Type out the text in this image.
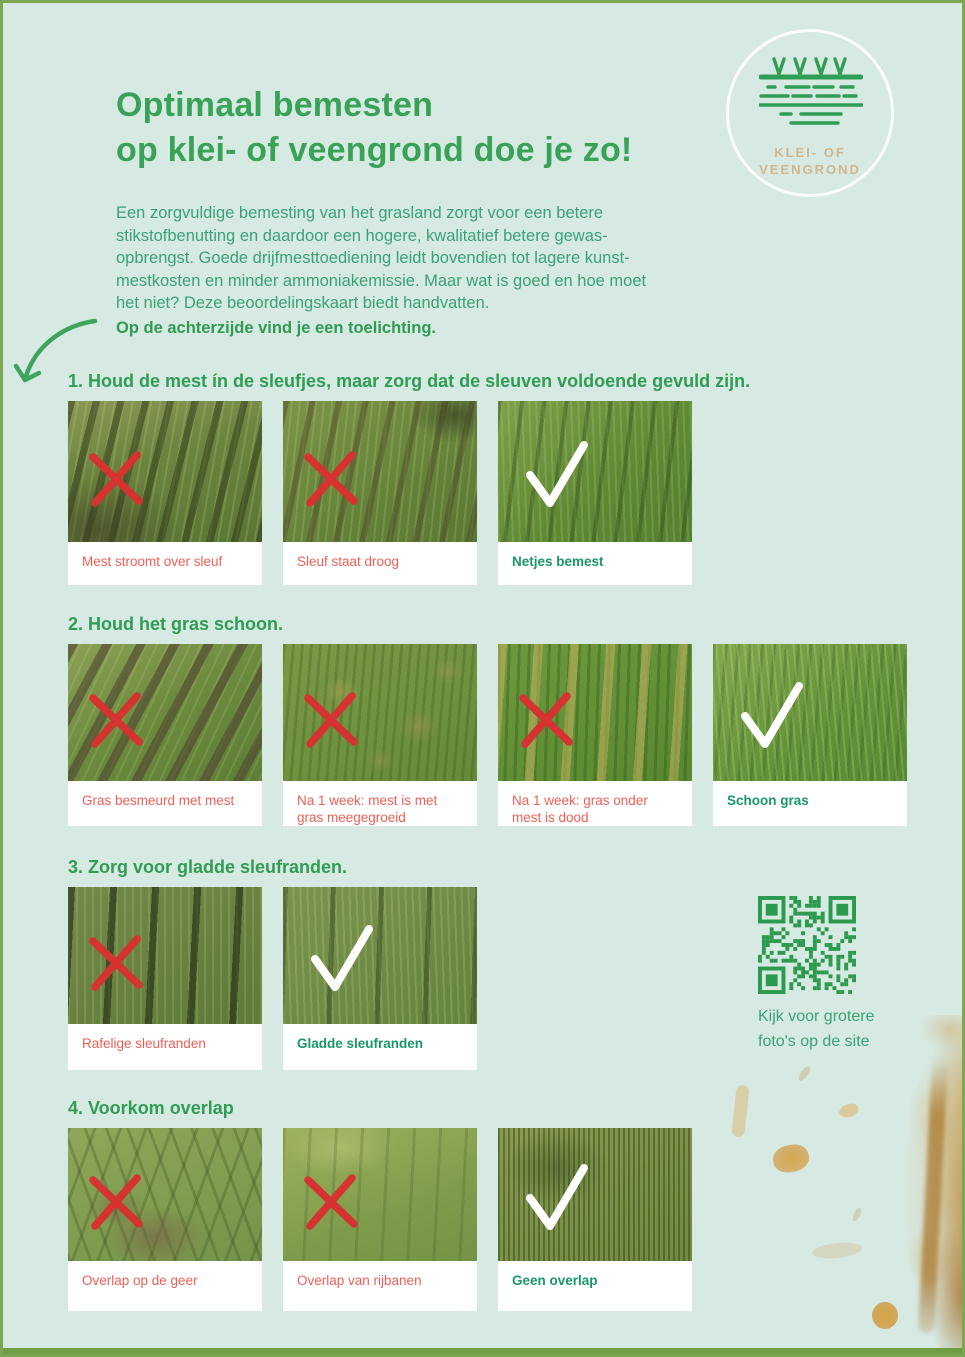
Optimaal bemesten
op klei- of veengrond doe je zo!	KLEI- OF
VEENGROND
Een zorgvuldige bemesting van het grasland zorgt voor een betere
stikstofbenutting en daardoor een hogere, kwalitatief betere gewas-
opbrengst. Goede drijfmesttoediening leidt bovendien tot lagere kunst-
mestkosten en minder ammoniakemissie. Maar wat is goed en hoe moet
het niet? Deze beoordelingskaart biedt handvatten.
Op de achterzijde vind je een toelichting.
1. Houd de mest ín de sleufjes, maar zorg dat de sleuven voldoende gevuld zijn.
Mest stroomt over sleuf	Sleuf staat droog	Netjes bemest
2. Houd het gras schoon.
Gras besmeurd met mest	Na 1 week: mest is met gras meegegroeid
Na 1 week: gras onder mest is dood
Schoon gras
3. Zorg voor gladde sleufranden.
Rafelige sleufranden	Gladde sleufranden
4. Voorkom overlap
Overlap op de geer	Overlap van rijbanen	Geen overlap
Kijk voor grotere
foto's op de site
